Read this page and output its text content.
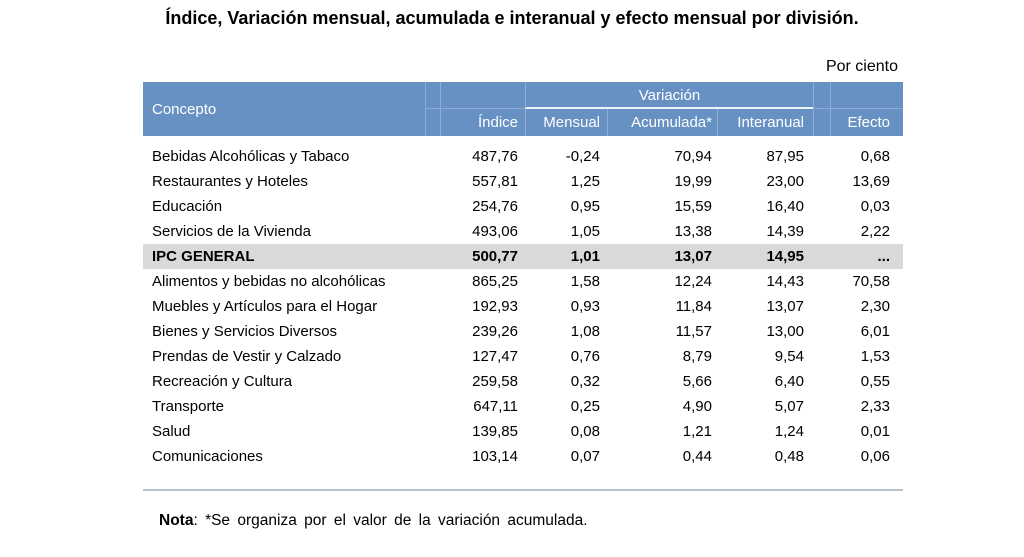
Índice, Variación mensual, acumulada e interanual y efecto mensual por división.
Por ciento
Concepto
Variación
Índice	Mensual	Acumulada*	Interanual	Efecto
Bebidas Alcohólicas y Tabaco	487,76	-0,24	70,94	87,95	0,68
Restaurantes y Hoteles	557,81	1,25	19,99	23,00	13,69
Educación	254,76	0,95	15,59	16,40	0,03
Servicios de la Vivienda	493,06	1,05	13,38	14,39	2,22
IPC GENERAL	500,77	1,01	13,07	14,95	...
Alimentos y bebidas no alcohólicas	865,25	1,58	12,24	14,43	70,58
Muebles y Artículos para el Hogar	192,93	0,93	11,84	13,07	2,30
Bienes y Servicios Diversos	239,26	1,08	11,57	13,00	6,01
Prendas de Vestir y Calzado	127,47	0,76	8,79	9,54	1,53
Recreación y Cultura	259,58	0,32	5,66	6,40	0,55
Transporte	647,11	0,25	4,90	5,07	2,33
Salud	139,85	0,08	1,21	1,24	0,01
Comunicaciones	103,14	0,07	0,44	0,48	0,06
Nota: *Se organiza por el valor de la variación acumulada.
